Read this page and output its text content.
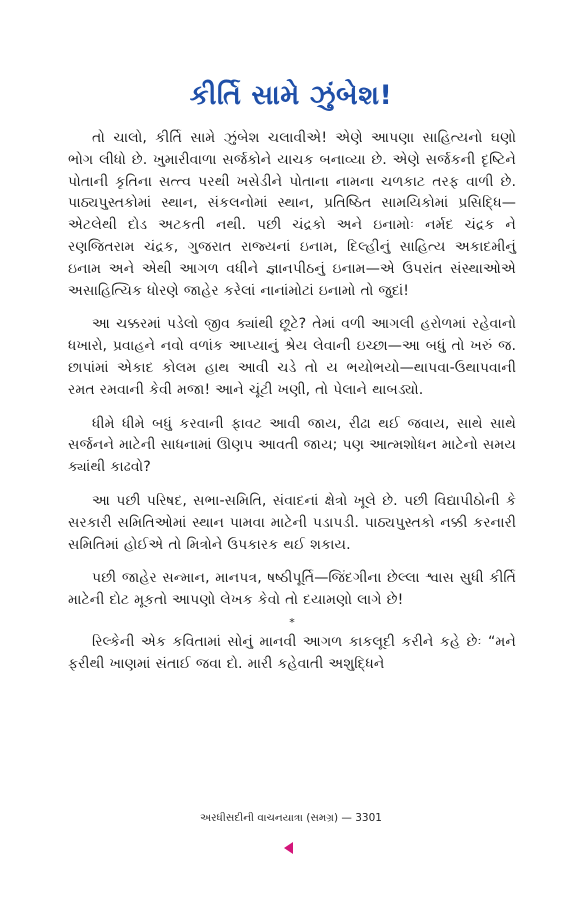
કીર્તિ સામે ઝુંબેશ!

તો ચાલો, કીર્તિ સામે ઝુંબેશ ચલાવીએ! એણે આપણા સાહિત્યનો ઘણો ભોગ લીધો છે. ખુમારીવાળા સર્જકોને યાચક બનાવ્યા છે. એણે સર્જકની દૃષ્ટિને પોતાની કૃતિના સત્ત્વ પરથી ખસેડીને પોતાના નામના ચળકાટ તરફ વાળી છે. પાઠ્યપુસ્તકોમાં સ્થાન, સંકલનોમાં સ્થાન, પ્રતિષ્ઠિત સામયિકોમાં પ્રસિદ્ધિ—એટલેથી દોડ અટકતી નથી. પછી ચંદ્રકો અને ઇનામોઃ નર્મદ ચંદ્રક ને રણજિતરામ ચંદ્રક, ગુજરાત રાજ્યનાં ઇનામ, દિલ્હીનું સાહિત્ય અકાદમીનું ઇનામ અને એથી આગળ વધીને જ્ઞાનપીઠનું ઇનામ—એ ઉપરાંત સંસ્થાઓએ અસાહિત્યિક ધોરણે જાહેર કરેલાં નાનાંમોટાં ઇનામો તો જુદાં!

આ ચક્કરમાં પડેલો જીવ ક્યાંથી છૂટે? તેમાં વળી આગલી હરોળમાં રહેવાનો ધખારો, પ્રવાહને નવો વળાંક આપ્યાનું શ્રેય લેવાની ઇચ્છા—આ બધું તો ખરું જ. છાપાંમાં એકાદ કોલમ હાથ આવી ચડે તો ય ભયોભયો—થાપવા-ઉથાપવાની રમત રમવાની કેવી મજા! આને ચૂંટી ખણી, તો પેલાને થાબડ્યો.

ધીમે ધીમે બધું કરવાની ફાવટ આવી જાય, રીઢા થઈ જવાય, સાથે સાથે સર્જનને માટેની સાધનામાં ઊણપ આવતી જાય; પણ આત્મશોધન માટેનો સમય ક્યાંથી કાઢવો?

આ પછી પરિષદ, સભા-સમિતિ, સંવાદનાં ક્ષેત્રો ખૂલે છે. પછી વિદ્યાપીઠોની કે સરકારી સમિતિઓમાં સ્થાન પામવા માટેની પડાપડી. પાઠ્યપુસ્તકો નક્કી કરનારી સમિતિમાં હોઈએ તો મિત્રોને ઉપકારક થઈ શકાય.

પછી જાહેર સન્માન, માનપત્ર, ષષ્ઠીપૂર્તિ—જિંદગીના છેલ્લા શ્વાસ સુધી કીર્તિ માટેની દોટ મૂકતો આપણો લેખક કેવો તો દયામણો લાગે છે!

*

રિલ્કેની એક કવિતામાં સોનું માનવી આગળ કાકલૂદી કરીને કહે છેઃ “મને ફરીથી ખાણમાં સંતાઈ જવા દો. મારી કહેવાતી અશુદ્ધિને

અરધીસદીની વાચનયાત્રા (સમગ્ર) — 3301
